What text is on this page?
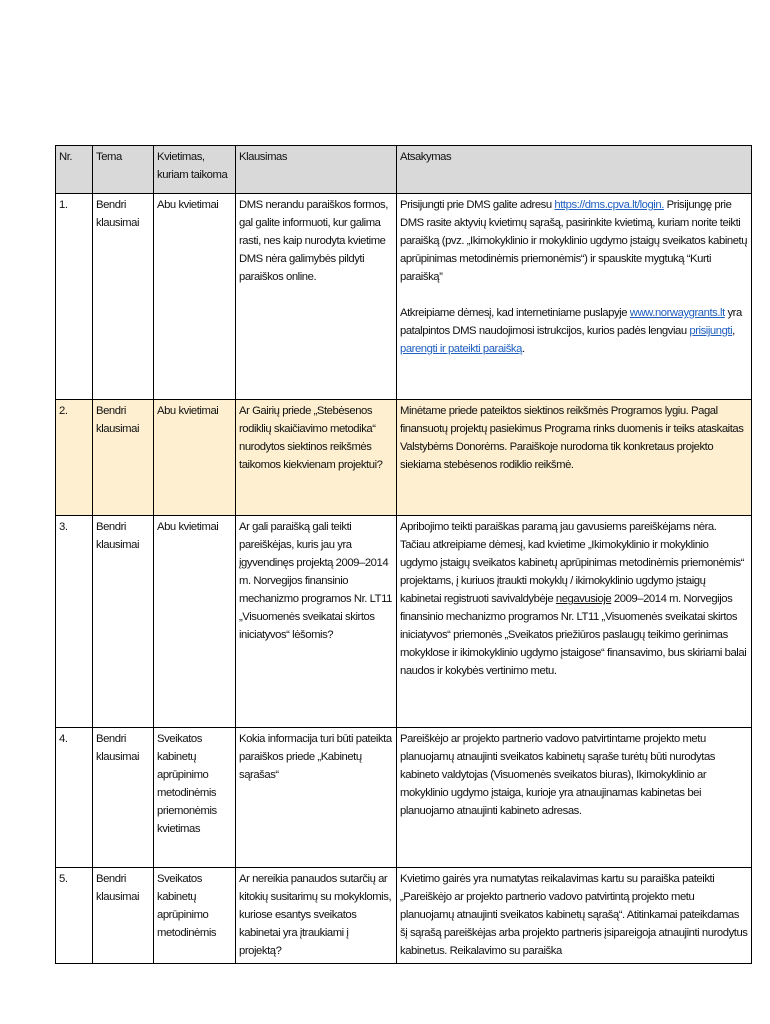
Nr.	Tema	Kvietimas, kuriam taikoma	Klausimas	Atsakymas
1.	Bendri klausimai	Abu kvietimai	DMS nerandu paraiškos formos, gal galite informuoti, kur galima rasti, nes kaip nurodyta kvietime DMS nėra galimybės pildyti paraiškos online.	Prisijungti prie DMS galite adresu https://dms.cpva.lt/login. Prisijungę prie DMS rasite aktyvių kvietimų sąrašą, pasirinkite kvietimą, kuriam norite teikti paraišką (pvz. „Ikimokyklinio ir mokyklinio ugdymo įstaigų sveikatos kabinetų aprūpinimas metodinėmis priemonėmis“) ir spauskite mygtuką “Kurti paraišką”

Atkreipiame dėmesį, kad internetiniame puslapyje www.norwaygrants.lt yra patalpintos DMS naudojimosi istrukcijos, kurios padės lengviau prisijungti, parengti ir pateikti paraišką.

2.	Bendri klausimai	Abu kvietimai	Ar Gairių priede „Stebėsenos rodiklių skaičiavimo metodika“ nurodytos siektinos reikšmės taikomos kiekvienam projektui?	Minėtame priede pateiktos siektinos reikšmės Programos lygiu. Pagal finansuotų projektų pasiekimus Programa rinks duomenis ir teiks ataskaitas Valstybėms Donorėms. Paraiškoje nurodoma tik konkretaus projekto siekiama stebėsenos rodiklio reikšmė.
3.	Bendri klausimai	Abu kvietimai	Ar gali paraišką gali teikti pareiškėjas, kuris jau yra įgyvendinęs projektą 2009–2014 m. Norvegijos finansinio mechanizmo programos Nr. LT11 „Visuomenės sveikatai skirtos iniciatyvos“ lėšomis?	Apribojimo teikti paraiškas paramą jau gavusiems pareiškėjams nėra. Tačiau atkreipiame dėmesį, kad kvietime „Ikimokyklinio ir mokyklinio ugdymo įstaigų sveikatos kabinetų aprūpinimas metodinėmis priemonėmis“ projektams, į kuriuos įtraukti mokyklų / ikimokyklinio ugdymo įstaigų kabinetai registruoti savivaldybėje negavusioje 2009–2014 m. Norvegijos finansinio mechanizmo programos Nr. LT11 „Visuomenės sveikatai skirtos iniciatyvos“ priemonės „Sveikatos priežiūros paslaugų teikimo gerinimas mokyklose ir ikimokyklinio ugdymo įstaigose“ finansavimo, bus skiriami balai naudos ir kokybės vertinimo metu.
4.	Bendri klausimai	Sveikatos kabinetų aprūpinimo metodinėmis priemonėmis kvietimas	Kokia informacija turi būti pateikta paraiškos priede „Kabinetų sąrašas“	Pareiškėjo ar projekto partnerio vadovo patvirtintame projekto metu planuojamų atnaujinti sveikatos kabinetų sąraše turėtų būti nurodytas kabineto valdytojas (Visuomenės sveikatos biuras), Ikimokyklinio ar mokyklinio ugdymo įstaiga, kurioje yra atnaujinamas kabinetas bei planuojamo atnaujinti kabineto adresas.
5.	Bendri klausimai	Sveikatos kabinetų aprūpinimo metodinėmis	Ar nereikia panaudos sutarčių ar kitokių susitarimų su mokyklomis, kuriose esantys sveikatos kabinetai yra įtraukiami į projektą?	Kvietimo gairės yra numatytas reikalavimas kartu su paraiška pateikti „Pareiškėjo ar projekto partnerio vadovo patvirtintą projekto metu planuojamų atnaujinti sveikatos kabinetų sąrašą“. Atitinkamai pateikdamas šį sąrašą pareiškėjas arba projekto partneris įsipareigoja atnaujinti nurodytus kabinetus. Reikalavimo su paraiška
